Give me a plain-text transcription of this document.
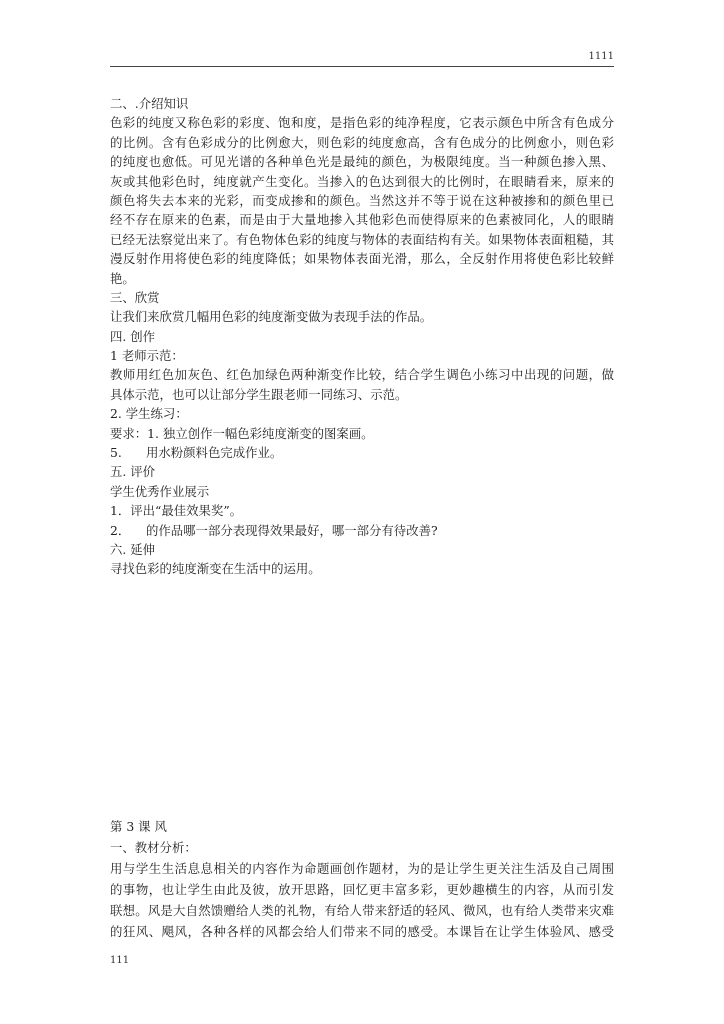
1111
二、.介绍知识
色彩的纯度又称色彩的彩度、饱和度，是指色彩的纯净程度，它表示颜色中所含有色成分
的比例。含有色彩成分的比例愈大，则色彩的纯度愈高，含有色成分的比例愈小，则色彩
的纯度也愈低。可见光谱的各种单色光是最纯的颜色，为极限纯度。当一种颜色掺入黑、
灰或其他彩色时，纯度就产生变化。当掺入的色达到很大的比例时，在眼睛看来，原来的
颜色将失去本来的光彩，而变成掺和的颜色。当然这并不等于说在这种被掺和的颜色里已
经不存在原来的色素，而是由于大量地掺入其他彩色而使得原来的色素被同化，人的眼睛
已经无法察觉出来了。有色物体色彩的纯度与物体的表面结构有关。如果物体表面粗糙，其
漫反射作用将使色彩的纯度降低；如果物体表面光滑，那么，全反射作用将使色彩比较鲜
艳。
三、欣赏
让我们来欣赏几幅用色彩的纯度渐变做为表现手法的作品。
四. 创作
1 老师示范：
教师用红色加灰色、红色加绿色两种渐变作比较，结合学生调色小练习中出现的问题，做
具体示范，也可以让部分学生跟老师一同练习、示范。
2. 学生练习：
要求：1. 独立创作一幅色彩纯度渐变的图案画。
5. 用水粉颜料色完成作业。
五. 评价
学生优秀作业展示
1．评出“最佳效果奖”。
2． 的作品哪一部分表现得效果最好，哪一部分有待改善?
六. 延伸
寻找色彩的纯度渐变在生活中的运用。
第 3 课 风
一、教材分析：
用与学生生活息息相关的内容作为命题画创作题材，为的是让学生更关注生活及自己周围
的事物，也让学生由此及彼，放开思路，回忆更丰富多彩，更妙趣横生的内容，从而引发
联想。风是大自然馈赠给人类的礼物，有给人带来舒适的轻风、微风，也有给人类带来灾难
的狂风、飓风，各种各样的风都会给人们带来不同的感受。本课旨在让学生体验风、感受
111
